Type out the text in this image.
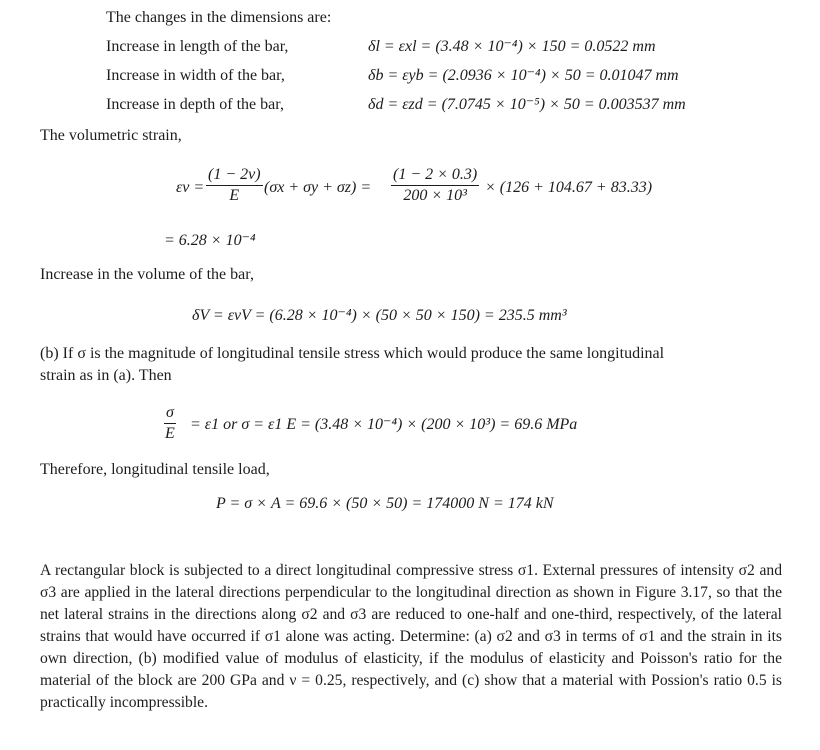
The changes in the dimensions are:
Increase in length of the bar,	δl = εxl = (3.48 × 10⁻⁴) × 150 = 0.0522 mm
Increase in width of the bar,	δb = εyb = (2.0936 × 10⁻⁴) × 50 = 0.01047 mm
Increase in depth of the bar,	δd = εzd = (7.0745 × 10⁻⁵) × 50 = 0.003537 mm
The volumetric strain,
$\varepsilon v = \frac{(1 - 2\nu)}{E} (\sigma x + \sigma y + \sigma z) = \frac{(1 - 2 \times 0.3)}{\text{200 × 10³}} \times (126 + 104.67 + 83.33)$
= 6.28 × 10⁻⁴
Increase in the volume of the bar,
δV = εvV = (6.28 × 10⁻⁴) × (50 × 50 × 150) = 235.5 mm³
(b) If σ is the magnitude of longitudinal tensile stress which would produce the same longitudinal
strain as in (a). Then
$\frac{\sigma}{E} = \varepsilon 1$ or σ = ε1 E = (3.48 × 10⁻⁴) × (200 × 10³) = 69.6 MPa
Therefore, longitudinal tensile load,
P = σ × A = 69.6 × (50 × 50) = 174000 N = 174 kN
A rectangular block is subjected to a direct longitudinal compressive stress σ1. External pressures of intensity σ2 and σ3 are applied in the lateral directions perpendicular to the longitudinal direction as shown in Figure 3.17, so that the net lateral strains in the directions along σ2 and σ3 are reduced to one-half and one-third, respectively, of the lateral strains that would have occurred if σ1 alone was acting. Determine: (a) σ2 and σ3 in terms of σ1 and the strain in its own direction, (b) modified value of modulus of elasticity, if the modulus of elasticity and Poisson's ratio for the material of the block are 200 GPa and ν = 0.25, respectively, and (c) show that a material with Possion's ratio 0.5 is practically incompressible.
